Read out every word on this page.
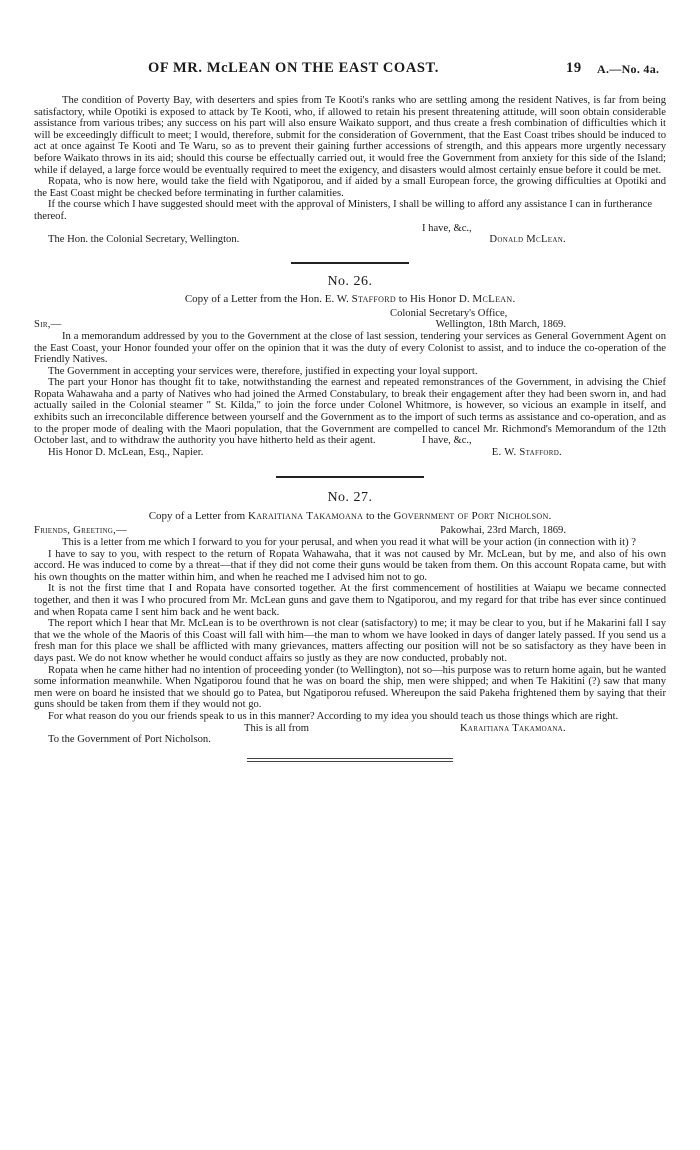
OF MR. McLEAN ON THE EAST COAST.	19 A.—No. 4a.

The condition of Poverty Bay, with deserters and spies from Te Kooti's ranks who are settling among the resident Natives, is far from being satisfactory, while Opotiki is exposed to attack by Te Kooti, who, if allowed to retain his present threatening attitude, will soon obtain considerable assistance from various tribes; any success on his part will also ensure Waikato support, and thus create a fresh combination of difficulties which it will be exceedingly difficult to meet; I would, therefore, submit for the consideration of Government, that the East Coast tribes should be induced to act at once against Te Kooti and Te Waru, so as to prevent their gaining further accessions of strength, and this appears more urgently necessary before Waikato throws in its aid; should this course be effectually carried out, it would free the Government from anxiety for this side of the Island; while if delayed, a large force would be eventually required to meet the exigency, and disasters would almost certainly ensue before it could be met.

Ropata, who is now here, would take the field with Ngatiporou, and if aided by a small European force, the growing difficulties at Opotiki and the East Coast might be checked before terminating in further calamities.

If the course which I have suggested should meet with the approval of Ministers, I shall be willing to afford any assistance I can in furtherance thereof.

I have, &c.,
The Hon. the Colonial Secretary, Wellington.	Donald McLean.
No. 26.
Copy of a Letter from the Hon. E. W. Stafford to His Honor D. McLean.
Colonial Secretary's Office,
Sir,—	Wellington, 18th March, 1869.

In a memorandum addressed by you to the Government at the close of last session, tendering your services as General Government Agent on the East Coast, your Honor founded your offer on the opinion that it was the duty of every Colonist to assist, and to induce the co-operation of the Friendly Natives.

The Government in accepting your services were, therefore, justified in expecting your loyal support.

The part your Honor has thought fit to take, notwithstanding the earnest and repeated remonstrances of the Government, in advising the Chief Ropata Wahawaha and a party of Natives who had joined the Armed Constabulary, to break their engagement after they had been sworn in, and had actually sailed in the Colonial steamer " St. Kilda," to join the force under Colonel Whitmore, is however, so vicious an example in itself, and exhibits such an irreconcilable difference between yourself and the Government as to the import of such terms as assistance and co-operation, and as to the proper mode of dealing with the Maori population, that the Government are compelled to cancel Mr. Richmond's Memorandum of the 12th October last, and to withdraw the authority you have hitherto held as their agent.	I have, &c.,
His Honor D. McLean, Esq., Napier.	E. W. Stafford.
No. 27.
Copy of a Letter from Karaitiana Takamoana to the Government of Port Nicholson.
Friends, Greeting,—	Pakowhai, 23rd March, 1869.

This is a letter from me which I forward to you for your perusal, and when you read it what will be your action (in connection with it) ?

I have to say to you, with respect to the return of Ropata Wahawaha, that it was not caused by Mr. McLean, but by me, and also of his own accord. He was induced to come by a threat—that if they did not come their guns would be taken from them. On this account Ropata came, but with his own thoughts on the matter within him, and when he reached me I advised him not to go.

It is not the first time that I and Ropata have consorted together. At the first commencement of hostilities at Waiapu we became connected together, and then it was I who procured from Mr. McLean guns and gave them to Ngatiporou, and my regard for that tribe has ever since continued and when Ropata came I sent him back and he went back.

The report which I hear that Mr. McLean is to be overthrown is not clear (satisfactory) to me; it may be clear to you, but if he Makarini fall I say that we the whole of the Maoris of this Coast will fall with him—the man to whom we have looked in days of danger lately passed. If you send us a fresh man for this place we shall be afflicted with many grievances, matters affecting our position will not be so satisfactory as they have been in days past. We do not know whether he would conduct affairs so justly as they are now conducted, probably not.

Ropata when he came hither had no intention of proceeding yonder (to Wellington), not so—his purpose was to return home again, but he wanted some information meanwhile. When Ngatiporou found that he was on board the ship, men were shipped; and when Te Hakitini (?) saw that many men were on board he insisted that we should go to Patea, but Ngatiporou refused. Whereupon the said Pakeha frightened them by saying that their guns should be taken from them if they would not go.

For what reason do you our friends speak to us in this manner? According to my idea you should teach us those things which are right.

This is all from	Karaitiana Takamoana.

To the Government of Port Nicholson.
